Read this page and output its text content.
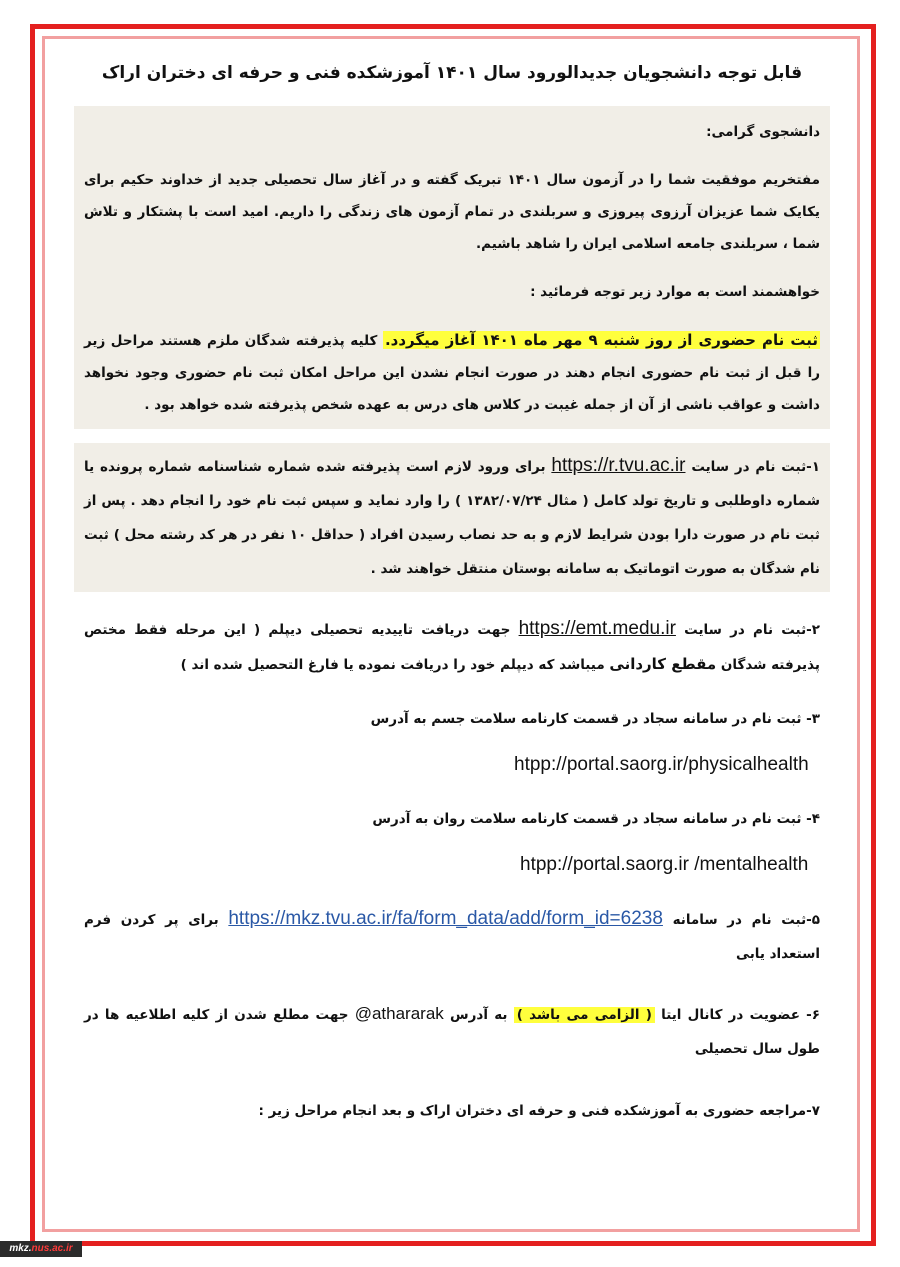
قابل توجه دانشجویان جدیدالورود سال ۱۴۰۱ آموزشکده فنی و حرفه ای دختران اراک

دانشجوی گرامی:

مفتخریم موفقیت شما را در آزمون سال ۱۴۰۱ تبریک گفته و در آغاز سال تحصیلی جدید از خداوند حکیم برای یکایک شما عزیزان آرزوی پیروزی و سربلندی در تمام آزمون های زندگی را داریم. امید است با پشتکار و تلاش شما ، سربلندی جامعه اسلامی ایران را شاهد باشیم.

خواهشمند است به موارد زیر توجه فرمائید :

ثبت نام حضوری از روز شنبه ۹ مهر ماه ۱۴۰۱ آغاز میگردد. کلیه پذیرفته شدگان ملزم هستند مراحل زیر را قبل از ثبت نام حضوری انجام دهند در صورت انجام نشدن این مراحل امکان ثبت نام حضوری وجود نخواهد داشت و عواقب ناشی از آن از جمله غیبت در کلاس های درس به عهده شخص پذیرفته شده خواهد بود .

۱-ثبت نام در سایت https://r.tvu.ac.ir برای ورود لازم است پذیرفته شده شماره شناسنامه شماره پرونده یا شماره داوطلبی و تاریخ تولد کامل ( مثال ۱۳۸۲/۰۷/۲۴ ) را وارد نماید و سپس ثبت نام خود را انجام دهد . پس از ثبت نام در صورت دارا بودن شرایط لازم و به حد نصاب رسیدن افراد ( حداقل ۱۰ نفر در هر کد رشته محل ) ثبت نام شدگان به صورت اتوماتیک به سامانه بوستان منتقل خواهند شد .

۲-ثبت نام در سایت https://emt.medu.ir جهت دریافت تاییدیه تحصیلی دیپلم ( این مرحله فقط مختص پذیرفته شدگان مقطع کاردانی میباشد که دیپلم خود را دریافت نموده یا فارغ التحصیل شده اند )

۳- ثبت نام در سامانه سجاد در قسمت کارنامه سلامت جسم به آدرس

htpp://portal.saorg.ir/physicalhealth

۴- ثبت نام در سامانه سجاد در قسمت کارنامه سلامت روان به آدرس

htpp://portal.saorg.ir /mentalhealth

۵-ثبت نام در سامانه https://mkz.tvu.ac.ir/fa/form_data/add/form_id=6238 برای پر کردن فرم استعداد یابی

۶- عضویت در کانال ایتا ( الزامی می باشد ) به آدرس @athararak جهت مطلع شدن از کلیه اطلاعیه ها در طول سال تحصیلی

۷-مراجعه حضوری به آموزشکده فنی و حرفه ای دختران اراک و بعد انجام مراحل زیر :

mkz.nus.ac.ir
